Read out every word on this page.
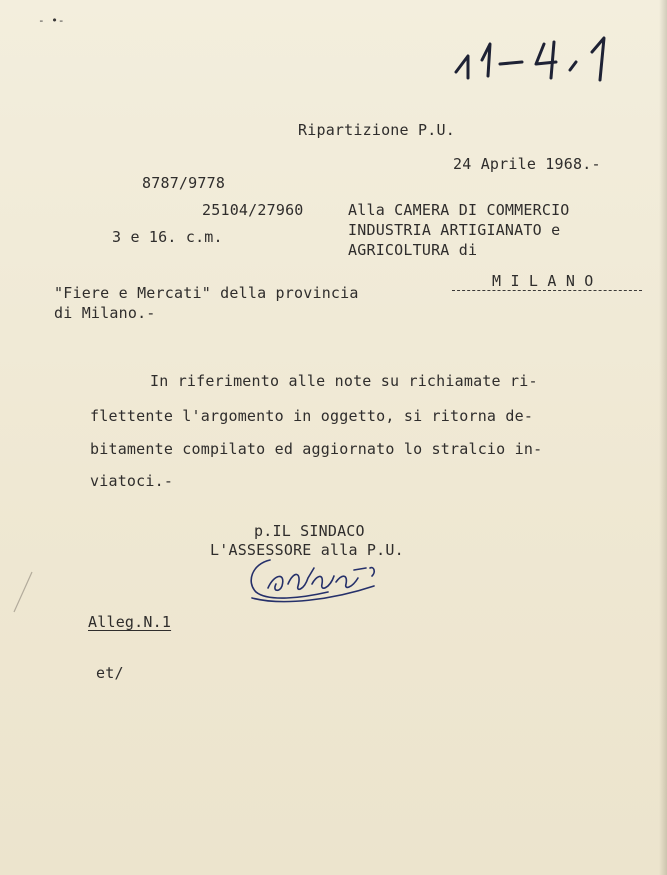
- •-
Ripartizione P.U.
24 Aprile 1968.-
8787/9778
25104/27960
3 e 16. c.m.
Alla CAMERA DI COMMERCIO
INDUSTRIA ARTIGIANATO e
AGRICOLTURA di
M I L A N O
"Fiere e Mercati" della provincia
di Milano.-
In riferimento alle note su richiamate ri-
flettente l'argomento in oggetto, si ritorna de-
bitamente compilato ed aggiornato lo stralcio in-
viatoci.-
p.IL SINDACO
L'ASSESSORE alla P.U.
Alleg.N.1
et/
